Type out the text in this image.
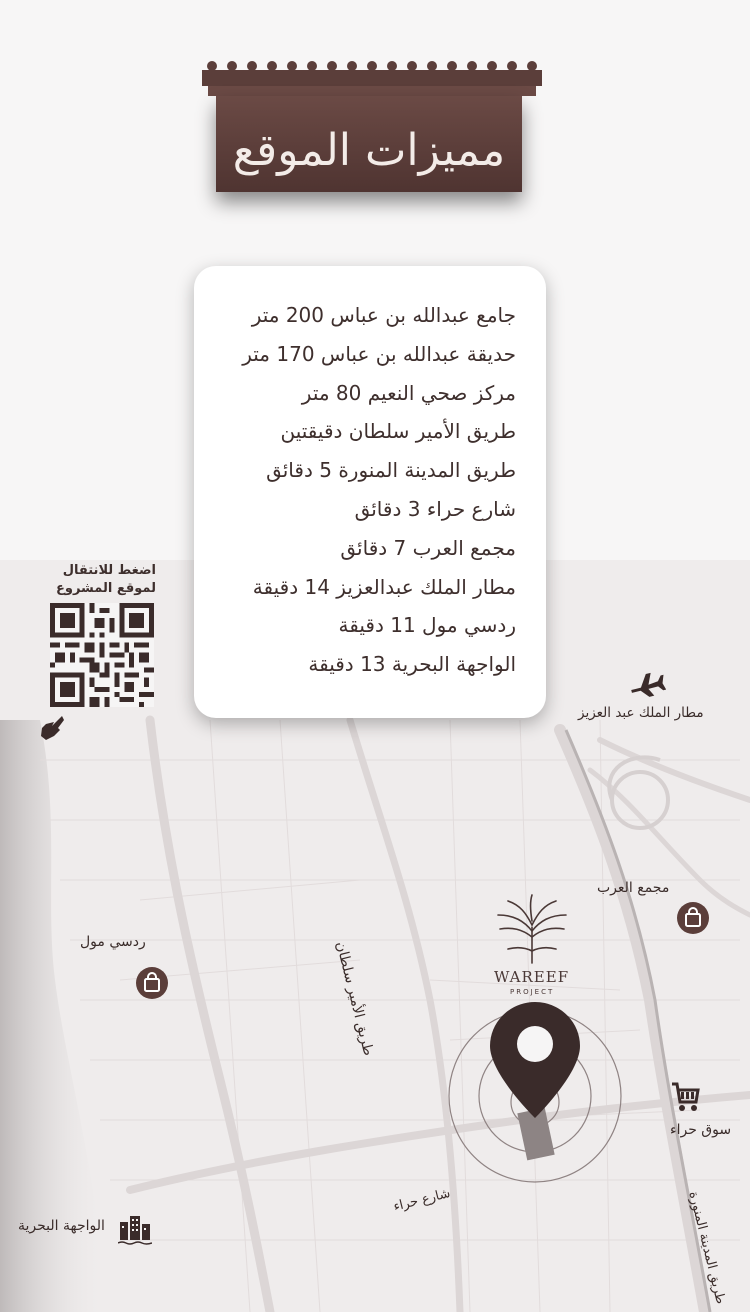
مميزات الموقع
جامع عبدالله بن عباس 200 متر
حديقة عبدالله بن عباس 170 متر
مركز صحي النعيم 80 متر
طريق الأمير سلطان دقيقتين
طريق المدينة المنورة 5 دقائق
شارع حراء 3 دقائق
مجمع العرب 7 دقائق
مطار الملك عبدالعزيز 14 دقيقة
ردسي مول 11 دقيقة
الواجهة البحرية 13 دقيقة
اضغط للانتقال
لموقع المشروع
مطار الملك عبد العزيز
مجمع العرب
ردسي مول	طريق الأمير سلطان	WAREEF
PROJECT
سوق حراء
شارع حراء
الواجهة البحرية	طريق المدينة المنورة
